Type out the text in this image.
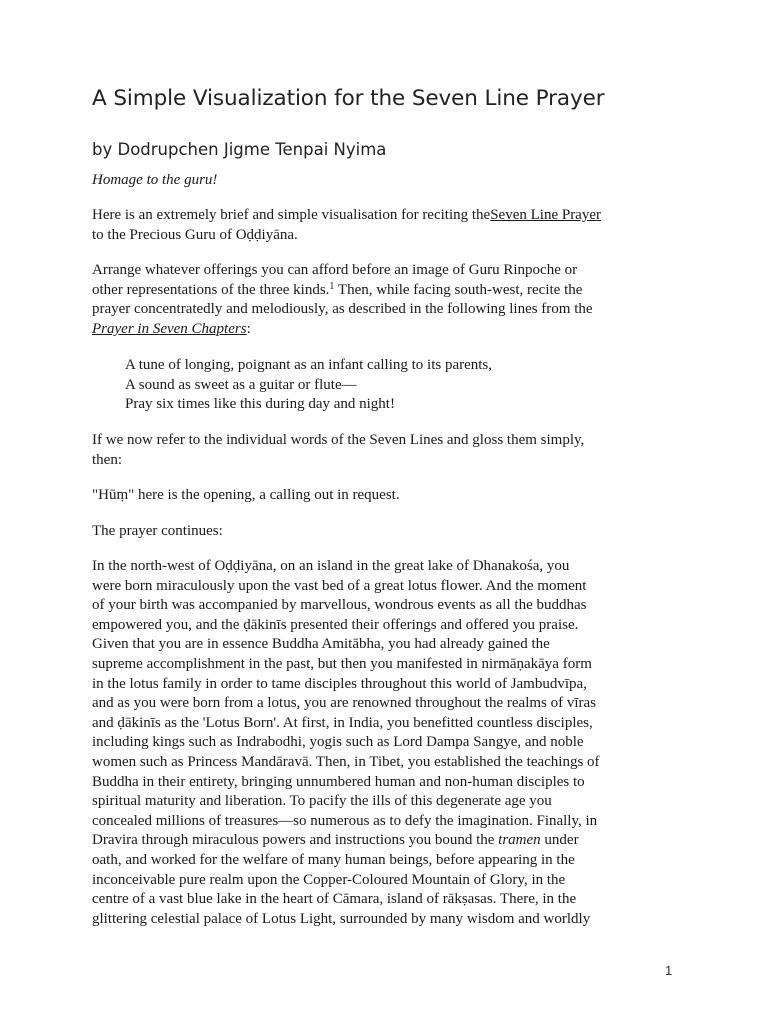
A Simple Visualization for the Seven Line Prayer

by Dodrupchen Jigme Tenpai Nyima

Homage to the guru!

Here is an extremely brief and simple visualisation for reciting theSeven Line Prayer
to the Precious Guru of Oḍḍiyāna.

Arrange whatever offerings you can afford before an image of Guru Rinpoche or
other representations of the three kinds.$^1$ Then, while facing south-west, recite the
prayer concentratedly and melodiously, as described in the following lines from the
Prayer in Seven Chapters:

A tune of longing, poignant as an infant calling to its parents,
A sound as sweet as a guitar or flute—
Pray six times like this during day and night!

If we now refer to the individual words of the Seven Lines and gloss them simply,
then:

"Hūṃ" here is the opening, a calling out in request.

The prayer continues:

In the north-west of Oḍḍiyāna, on an island in the great lake of Dhanakośa, you
were born miraculously upon the vast bed of a great lotus flower. And the moment
of your birth was accompanied by marvellous, wondrous events as all the buddhas
empowered you, and the ḍākinīs presented their offerings and offered you praise.
Given that you are in essence Buddha Amitābha, you had already gained the
supreme accomplishment in the past, but then you manifested in nirmāṇakāya form
in the lotus family in order to tame disciples throughout this world of Jambudvīpa,
and as you were born from a lotus, you are renowned throughout the realms of vīras
and ḍākinīs as the 'Lotus Born'. At first, in India, you benefitted countless disciples,
including kings such as Indrabodhi, yogis such as Lord Dampa Sangye, and noble
women such as Princess Mandāravā. Then, in Tibet, you established the teachings of
Buddha in their entirety, bringing unnumbered human and non-human disciples to
spiritual maturity and liberation. To pacify the ills of this degenerate age you
concealed millions of treasures—so numerous as to defy the imagination. Finally, in
Dravira through miraculous powers and instructions you bound the tramen under
oath, and worked for the welfare of many human beings, before appearing in the
inconceivable pure realm upon the Copper-Coloured Mountain of Glory, in the
centre of a vast blue lake in the heart of Cāmara, island of rākṣasas. There, in the
glittering celestial palace of Lotus Light, surrounded by many wisdom and worldly

1
